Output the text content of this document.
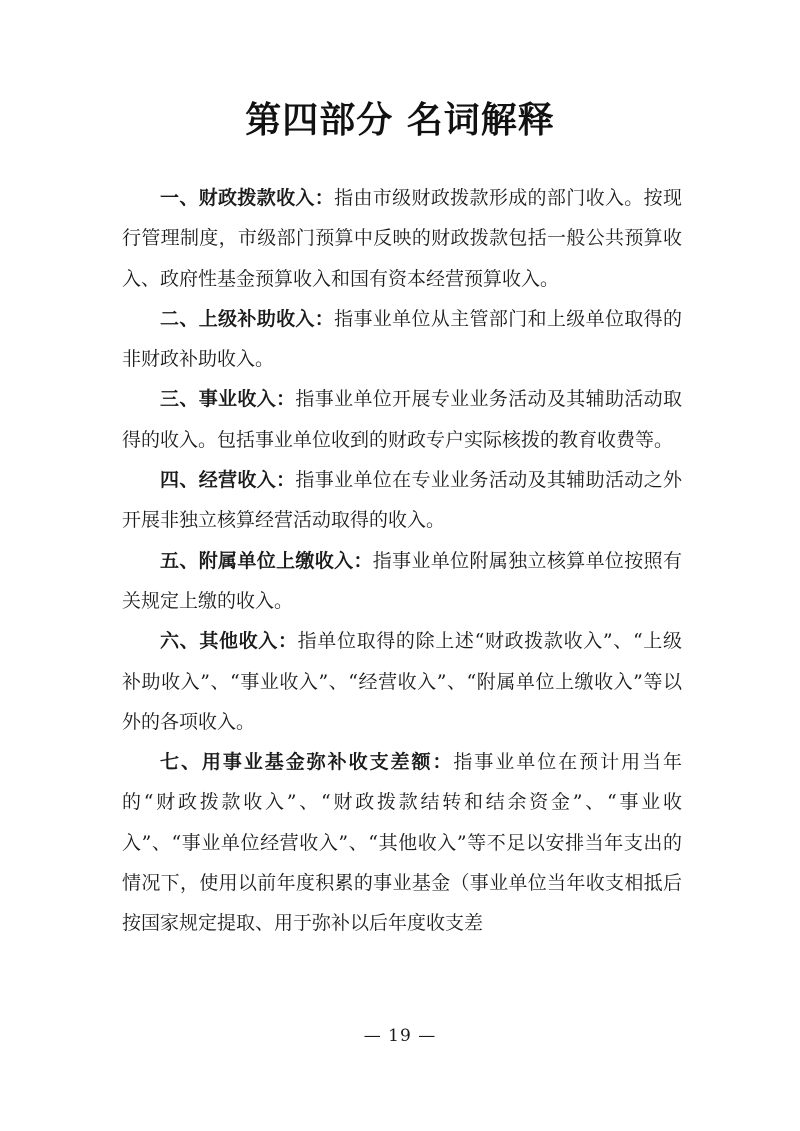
第四部分 名词解释

一、财政拨款收入：指由市级财政拨款形成的部门收入。按现行管理制度，市级部门预算中反映的财政拨款包括一般公共预算收入、政府性基金预算收入和国有资本经营预算收入。

二、上级补助收入：指事业单位从主管部门和上级单位取得的非财政补助收入。

三、事业收入：指事业单位开展专业业务活动及其辅助活动取得的收入。包括事业单位收到的财政专户实际核拨的教育收费等。

四、经营收入：指事业单位在专业业务活动及其辅助活动之外开展非独立核算经营活动取得的收入。

五、附属单位上缴收入：指事业单位附属独立核算单位按照有关规定上缴的收入。

六、其他收入：指单位取得的除上述“财政拨款收入”、“上级补助收入”、“事业收入”、“经营收入”、“附属单位上缴收入”等以外的各项收入。

七、用事业基金弥补收支差额：指事业单位在预计用当年的“财政拨款收入”、“财政拨款结转和结余资金”、“事业收入”、“事业单位经营收入”、“其他收入”等不足以安排当年支出的情况下，使用以前年度积累的事业基金（事业单位当年收支相抵后按国家规定提取、用于弥补以后年度收支差

— 19 —
